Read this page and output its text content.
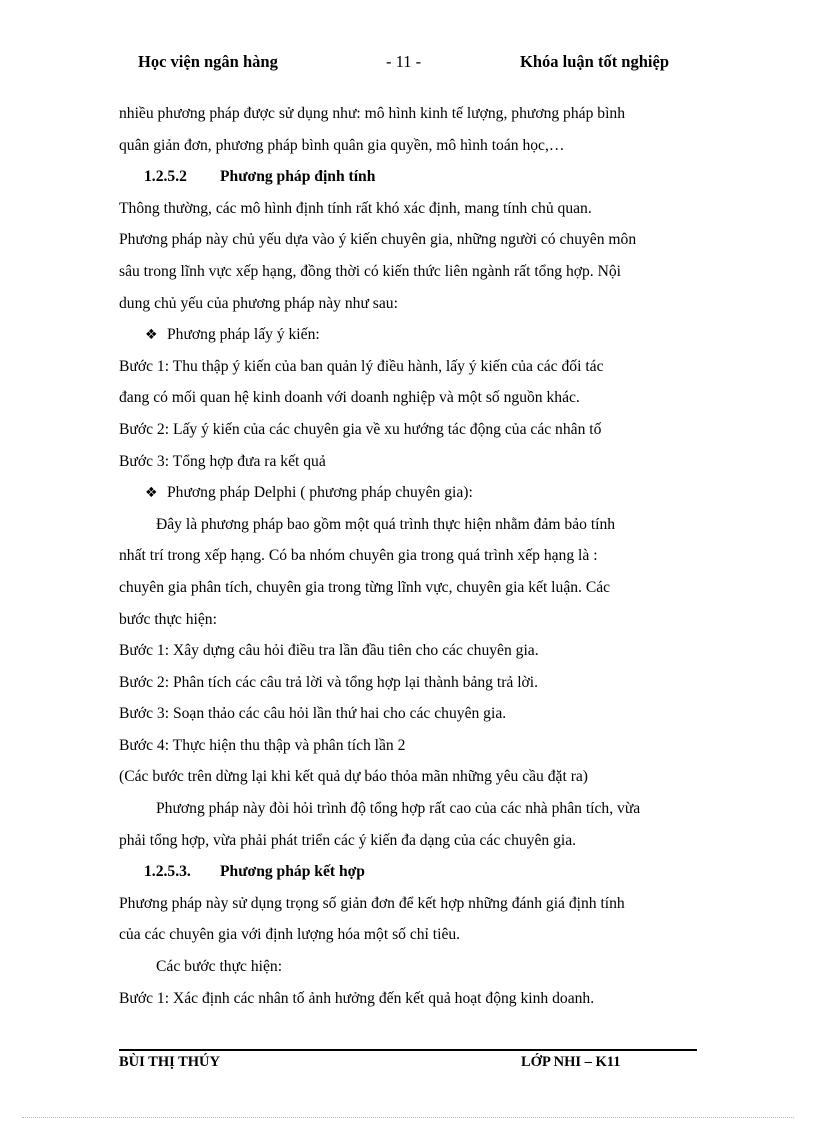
Học viện ngân hàng	- 11 -	Khóa luận tốt nghiệp
nhiều phương pháp được sử dụng như: mô hình kinh tế lượng, phương pháp bình
quân giản đơn, phương pháp bình quân gia quyền, mô hình toán học,…
1.2.5.2 Phương pháp định tính
Thông thường, các mô hình định tính rất khó xác định, mang tính chủ quan.
Phương pháp này chủ yếu dựa vào ý kiến chuyên gia, những người có chuyên môn
sâu trong lĩnh vực xếp hạng, đồng thời có kiến thức liên ngành rất tổng hợp. Nội
dung chủ yếu của phương pháp này như sau:
❖ Phương pháp lấy ý kiến:
Bước 1: Thu thập ý kiến của ban quản lý điều hành, lấy ý kiến của các đối tác
đang có mối quan hệ kinh doanh với doanh nghiệp và một số nguồn khác.
Bước 2: Lấy ý kiến của các chuyên gia về xu hướng tác động của các nhân tố
Bước 3: Tổng hợp đưa ra kết quả
❖ Phương pháp Delphi ( phương pháp chuyên gia):
Đây là phương pháp bao gồm một quá trình thực hiện nhằm đảm bảo tính
nhất trí trong xếp hạng. Có ba nhóm chuyên gia trong quá trình xếp hạng là :
chuyên gia phân tích, chuyên gia trong từng lĩnh vực, chuyên gia kết luận. Các
bước thực hiện:
Bước 1: Xây dựng câu hỏi điều tra lần đầu tiên cho các chuyên gia.
Bước 2: Phân tích các câu trả lời và tổng hợp lại thành bảng trả lời.
Bước 3: Soạn thảo các câu hỏi lần thứ hai cho các chuyên gia.
Bước 4: Thực hiện thu thập và phân tích lần 2
(Các bước trên dừng lại khi kết quả dự báo thỏa mãn những yêu cầu đặt ra)
Phương pháp này đòi hỏi trình độ tổng hợp rất cao của các nhà phân tích, vừa
phải tổng hợp, vừa phải phát triển các ý kiến đa dạng của các chuyên gia.
1.2.5.3. Phương pháp kết hợp
Phương pháp này sử dụng trọng số giản đơn để kết hợp những đánh giá định tính
của các chuyên gia với định lượng hóa một số chỉ tiêu.
Các bước thực hiện:
Bước 1: Xác định các nhân tố ảnh hưởng đến kết quả hoạt động kinh doanh.
BÙI THỊ THÚY	LỚP NHI – K11
